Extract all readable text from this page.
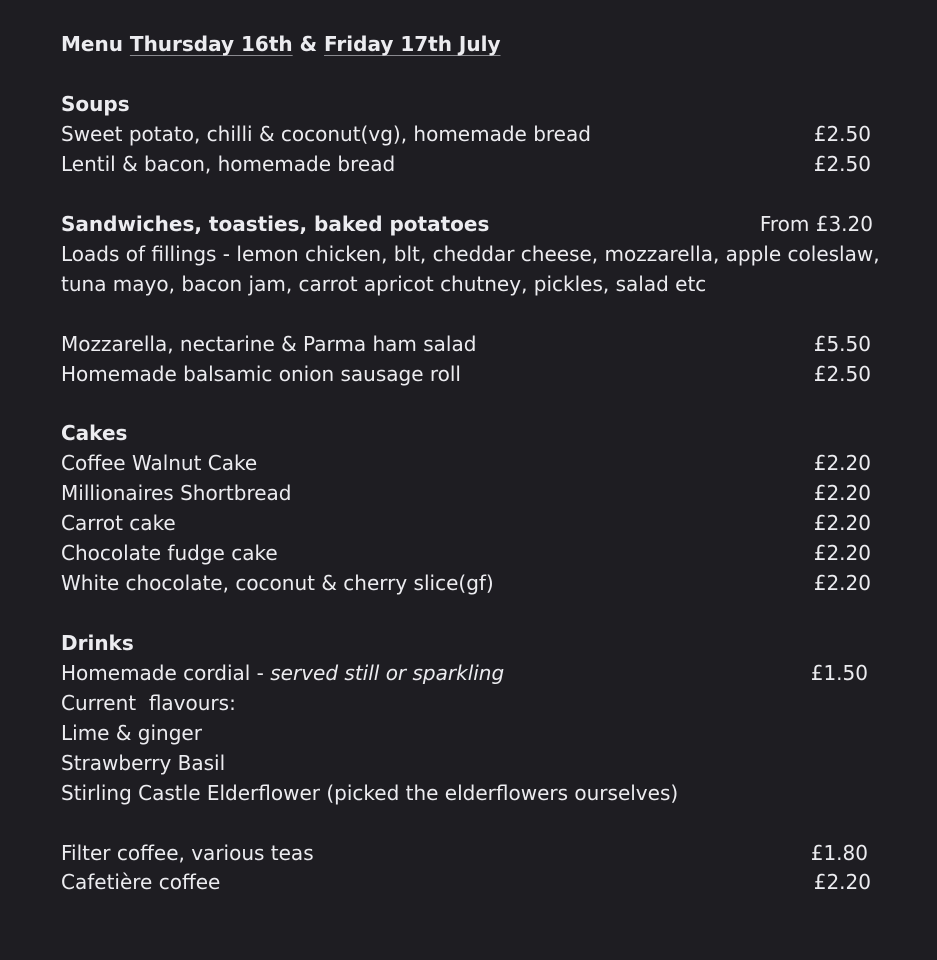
Menu Thursday 16th & Friday 17th July
Soups
Sweet potato, chilli & coconut(vg), homemade bread	£2.50
Lentil & bacon, homemade bread	£2.50
Sandwiches, toasties, baked potatoes	From £3.20
Loads of fillings - lemon chicken, blt, cheddar cheese, mozzarella, apple coleslaw,
tuna mayo, bacon jam, carrot apricot chutney, pickles, salad etc
Mozzarella, nectarine & Parma ham salad	£5.50
Homemade balsamic onion sausage roll	£2.50
Cakes
Coffee Walnut Cake	£2.20
Millionaires Shortbread	£2.20
Carrot cake	£2.20
Chocolate fudge cake	£2.20
White chocolate, coconut & cherry slice(gf)	£2.20
Drinks
Homemade cordial - served still or sparkling	£1.50
Current  flavours:
Lime & ginger
Strawberry Basil
Stirling Castle Elderflower (picked the elderflowers ourselves)
Filter coffee, various teas	£1.80
Cafetière coffee	£2.20
